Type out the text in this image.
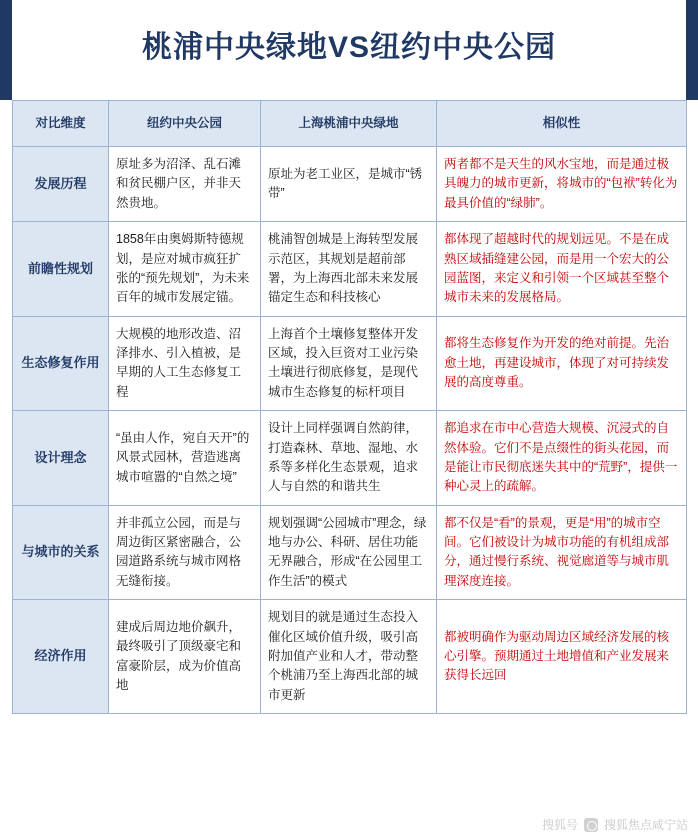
桃浦中央绿地VS纽约中央公园
对比维度	纽约中央公园	上海桃浦中央绿地	相似性
发展历程	原址多为沼泽、乱石滩和贫民棚户区，并非天然贵地。	原址为老工业区，是城市“锈带”	两者都不是天生的风水宝地，而是通过极具魄力的城市更新，将城市的“包袱”转化为最具价值的“绿肺”。
前瞻性规划	1858年由奥姆斯特德规划，是应对城市疯狂扩张的“预先规划”，为未来百年的城市发展定锚。	桃浦智创城是上海转型发展示范区，其规划是超前部署，为上海西北部未来发展锚定生态和科技核心	都体现了超越时代的规划远见。不是在成熟区域插缝建公园，而是用一个宏大的公园蓝图，来定义和引领一个区域甚至整个城市未来的发展格局。
生态修复作用	大规模的地形改造、沼泽排水、引入植被，是早期的人工生态修复工程	上海首个土壤修复整体开发区域，投入巨资对工业污染土壤进行彻底修复，是现代城市生态修复的标杆项目	都将生态修复作为开发的绝对前提。先治愈土地，再建设城市，体现了对可持续发展的高度尊重。
设计理念	“虽由人作，宛自天开”的风景式园林，营造逃离城市喧嚣的“自然之境”	设计上同样强调自然韵律，打造森林、草地、湿地、水系等多样化生态景观，追求人与自然的和谐共生	都追求在市中心营造大规模、沉浸式的自然体验。它们不是点缀性的街头花园，而是能让市民彻底迷失其中的“荒野”，提供一种心灵上的疏解。
与城市的关系	并非孤立公园，而是与周边街区紧密融合，公园道路系统与城市网格无缝衔接。	规划强调“公园城市”理念，绿地与办公、科研、居住功能无界融合，形成“在公园里工作生活”的模式	都不仅是“看”的景观，更是“用”的城市空间。它们被设计为城市功能的有机组成部分，通过慢行系统、视觉廊道等与城市肌理深度连接。
经济作用	建成后周边地价飙升，最终吸引了顶级豪宅和富豪阶层，成为价值高地	规划目的就是通过生态投入催化区域价值升级，吸引高附加值产业和人才，带动整个桃浦乃至上海西北部的城市更新	都被明确作为驱动周边区域经济发展的核心引擎。预期通过土地增值和产业发展来获得长远回
搜狐号 搜狐焦点咸宁站
